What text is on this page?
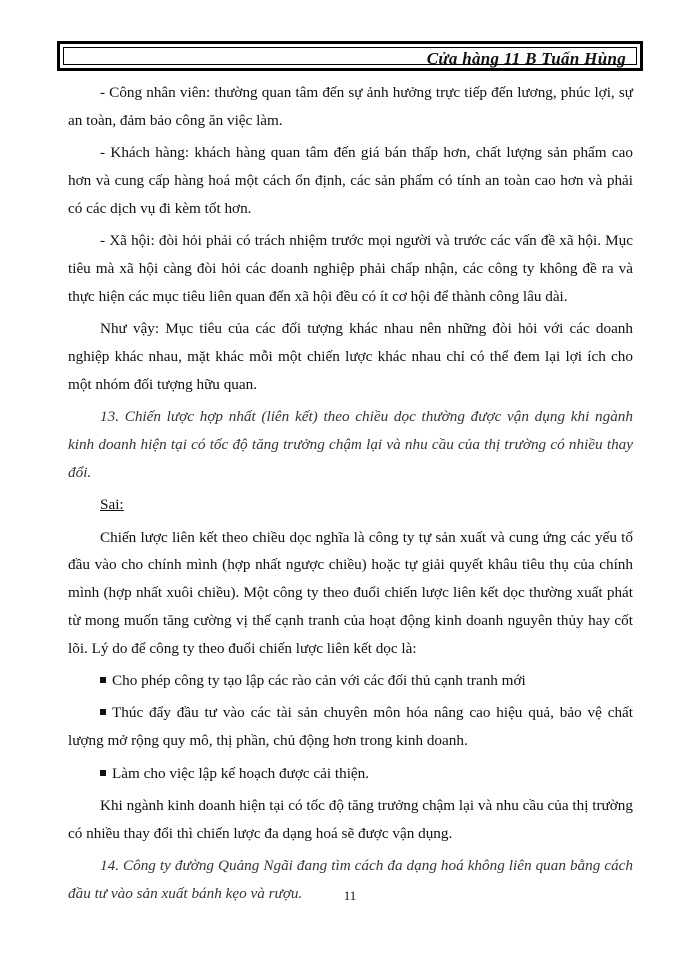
Cửa hàng 11 B Tuấn Hùng

- Công nhân viên: thường quan tâm đến sự ảnh hưởng trực tiếp đến lương, phúc lợi, sự an toàn, đảm bảo công ăn việc làm.

- Khách hàng: khách hàng quan tâm đến giá bán thấp hơn, chất lượng sản phẩm cao hơn và cung cấp hàng hoá một cách ổn định, các sản phẩm có tính an toàn cao hơn và phải có các dịch vụ đi kèm tốt hơn.

- Xã hội: đòi hỏi phải có trách nhiệm trước mọi người và trước các vấn đề xã hội. Mục tiêu mà xã hội càng đòi hỏi các doanh nghiệp phải chấp nhận, các công ty không đề ra và thực hiện các mục tiêu liên quan đến xã hội đều có ít cơ hội để thành công lâu dài.

Như vậy: Mục tiêu của các đối tượng khác nhau nên những đòi hỏi với các doanh nghiệp khác nhau, mặt khác mỗi một chiến lược khác nhau chỉ có thể đem lại lợi ích cho một nhóm đối tượng hữu quan.

13. Chiến lược hợp nhất (liên kết) theo chiều dọc thường được vận dụng khi ngành kinh doanh hiện tại có tốc độ tăng trưởng chậm lại và nhu cầu của thị trường có nhiều thay đổi.

Sai:

Chiến lược liên kết theo chiều dọc nghĩa là công ty tự sản xuất và cung ứng các yếu tố đầu vào cho chính mình (hợp nhất ngược chiều) hoặc tự giải quyết khâu tiêu thụ của chính mình (hợp nhất xuôi chiều). Một công ty theo đuổi chiến lược liên kết dọc thường xuất phát từ mong muốn tăng cường vị thế cạnh tranh của hoạt động kinh doanh nguyên thủy hay cốt lõi. Lý do để công ty theo đuổi chiến lược liên kết dọc là:

Cho phép công ty tạo lập các rào cản với các đối thủ cạnh tranh mới

Thúc đẩy đầu tư vào các tài sản chuyên môn hóa nâng cao hiệu quả, bảo vệ chất lượng mở rộng quy mô, thị phần, chủ động hơn trong kinh doanh.

Làm cho việc lập kế hoạch được cải thiện.

Khi ngành kinh doanh hiện tại có tốc độ tăng trưởng chậm lại và nhu cầu của thị trường có nhiều thay đổi thì chiến lược đa dạng hoá sẽ được vận dụng.

14. Công ty đường Quảng Ngãi đang tìm cách đa dạng hoá không liên quan bằng cách đầu tư vào sản xuất bánh kẹo và rượu.	11
